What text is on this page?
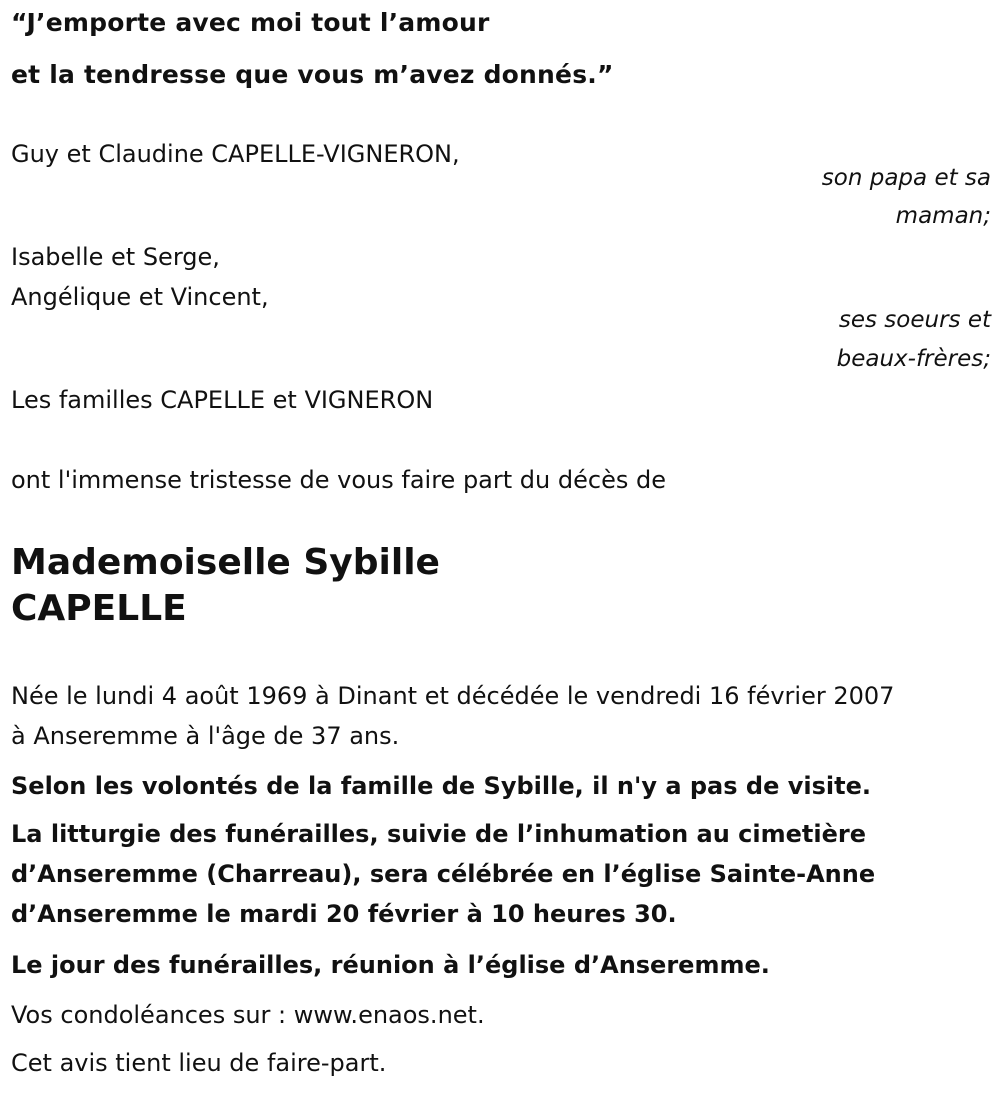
“J’emporte avec moi tout l’amour
et la tendresse que vous m’avez donnés.”
Guy et Claudine CAPELLE-VIGNERON,
son papa et sa
maman;
Isabelle et Serge,
Angélique et Vincent,
ses soeurs et
beaux-frères;
Les familles CAPELLE et VIGNERON
ont l'immense tristesse de vous faire part du décès de
Mademoiselle Sybille
CAPELLE
Née le lundi 4 août 1969 à Dinant et décédée le vendredi 16 février 2007
à Anseremme à l'âge de 37 ans.
Selon les volontés de la famille de Sybille, il n'y a pas de visite.
La litturgie des funérailles, suivie de l’inhumation au cimetière
d’Anseremme (Charreau), sera célébrée en l’église Sainte-Anne
d’Anseremme le mardi 20 février à 10 heures 30.
Le jour des funérailles, réunion à l’église d’Anseremme.
Vos condoléances sur : www.enaos.net.
Cet avis tient lieu de faire-part.
